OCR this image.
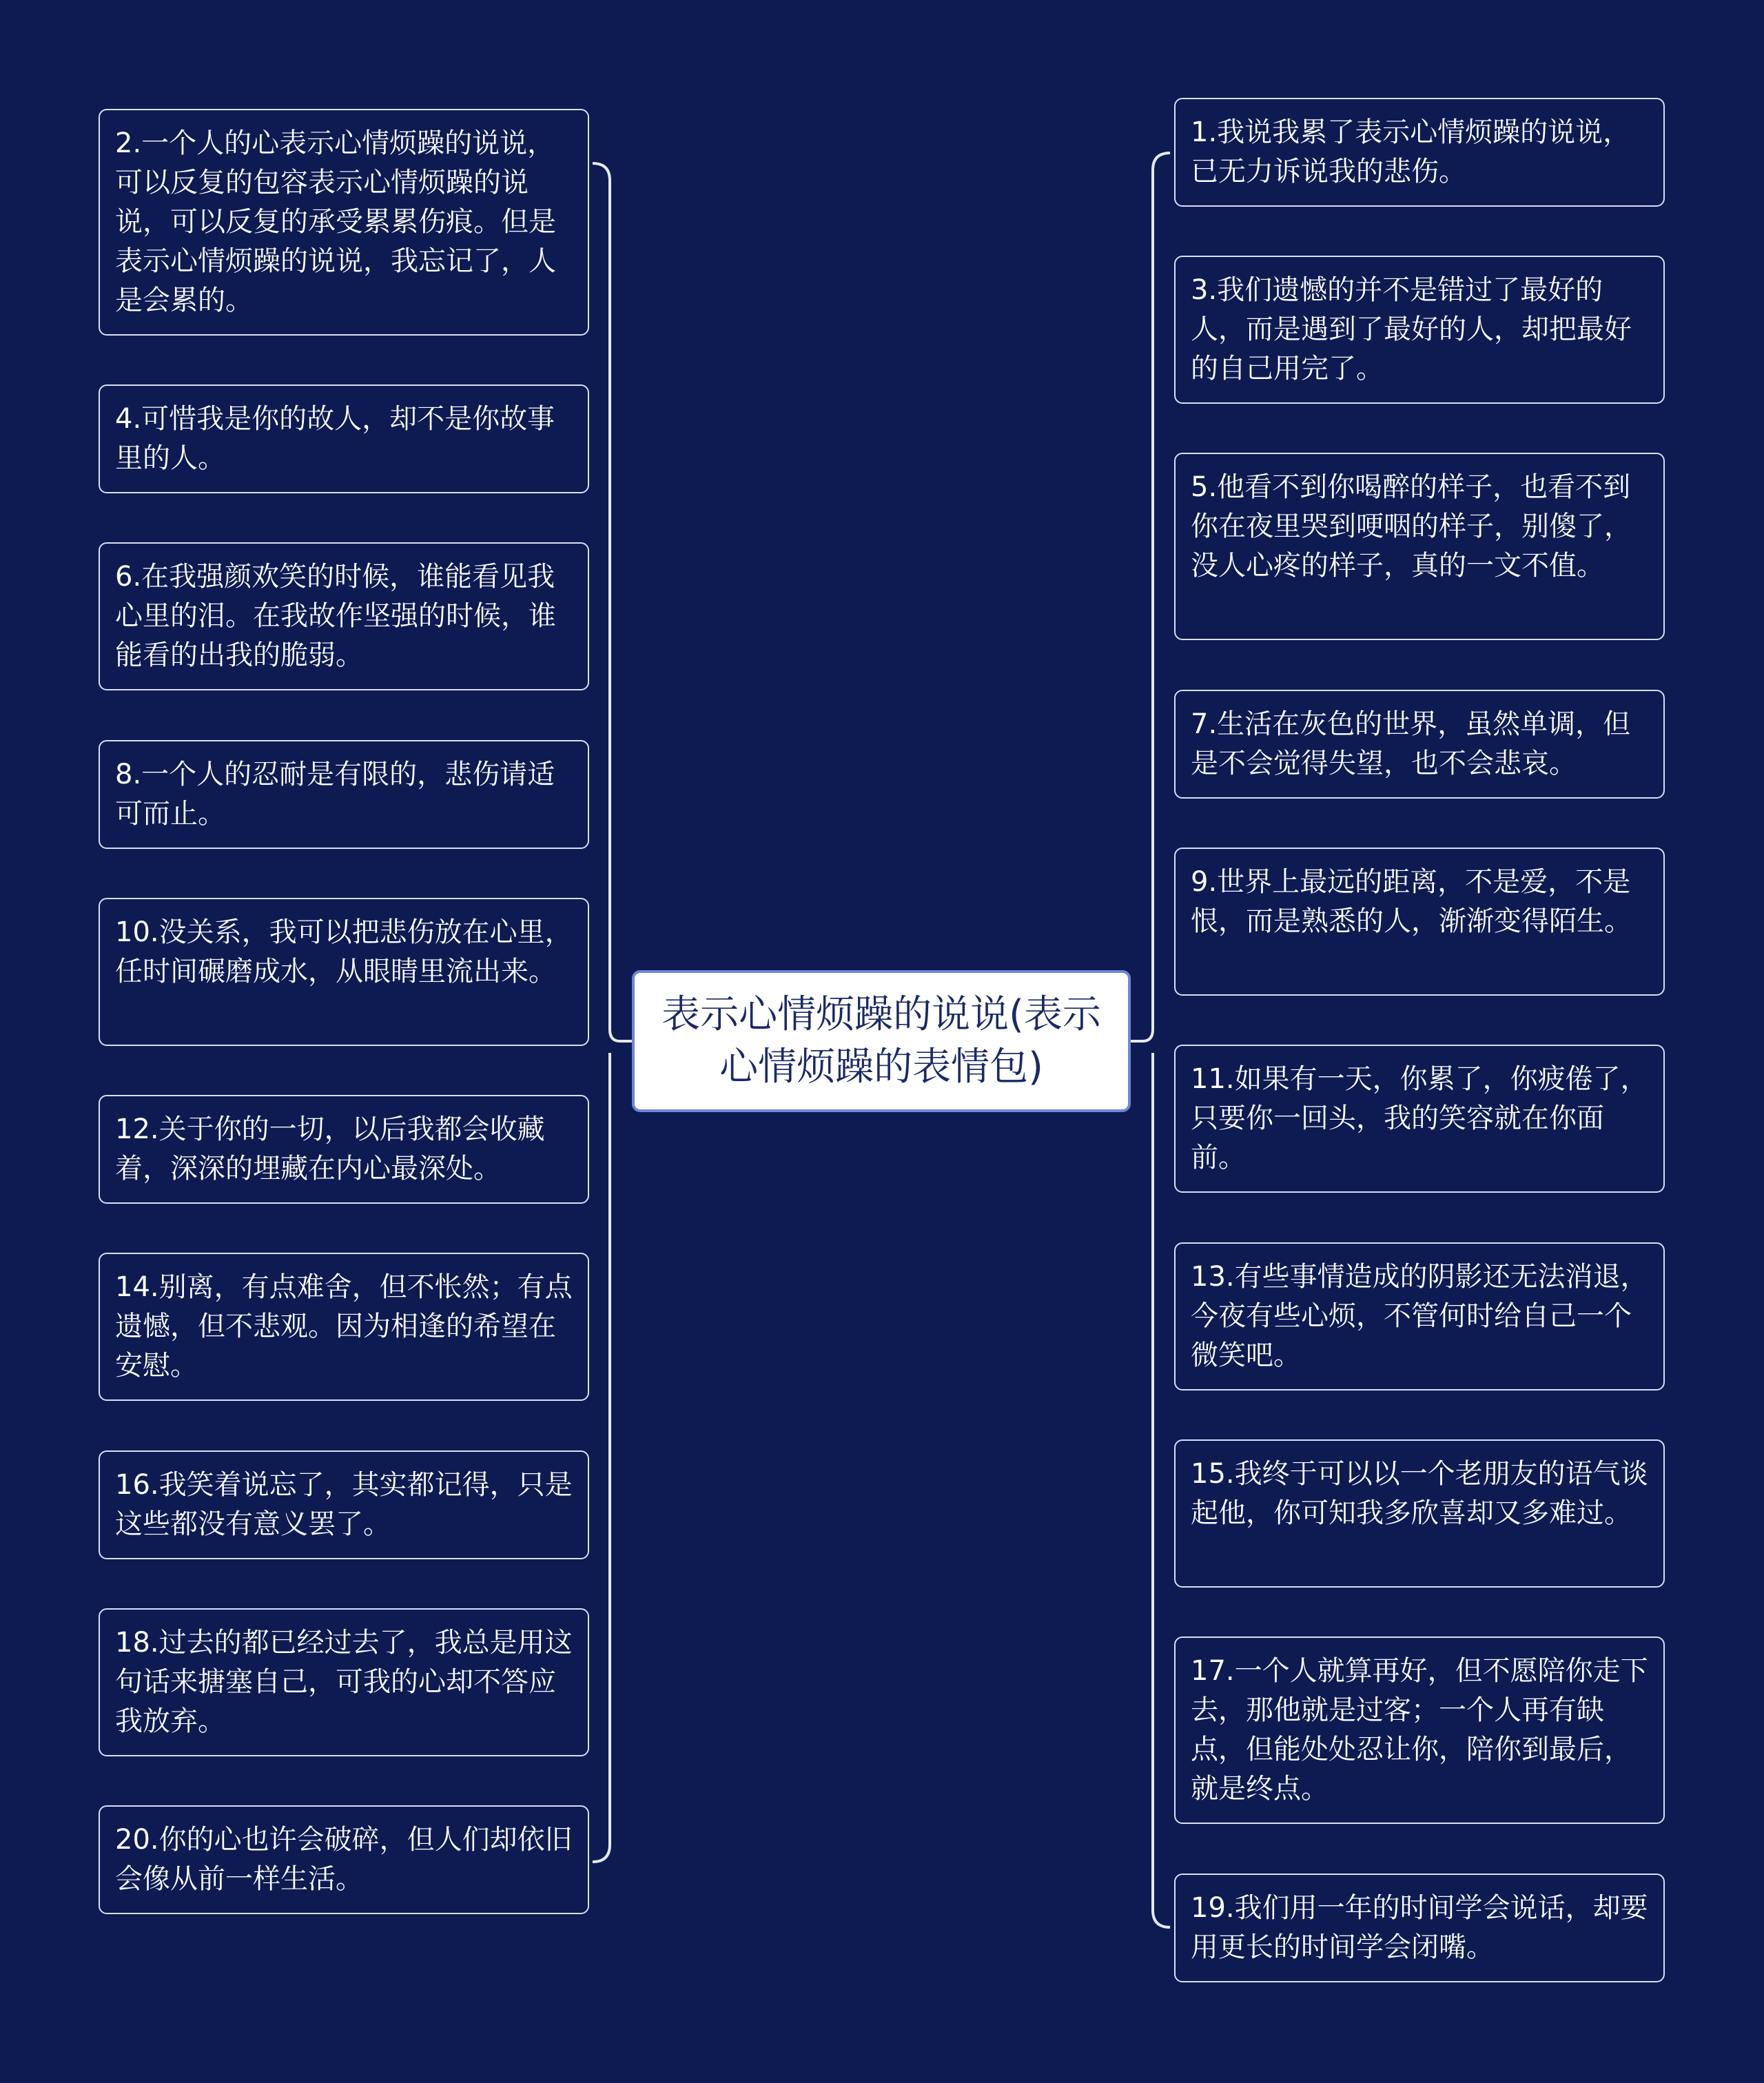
表示心情烦躁的说说(表示心情烦躁的表情包)
2.一个人的心表示心情烦躁的说说，可以反复的包容表示心情烦躁的说说，可以反复的承受累累伤痕。但是表示心情烦躁的说说，我忘记了，人是会累的。
4.可惜我是你的故人，却不是你故事里的人。
6.在我强颜欢笑的时候，谁能看见我心里的泪。在我故作坚强的时候，谁能看的出我的脆弱。
8.一个人的忍耐是有限的，悲伤请适可而止。
10.没关系，我可以把悲伤放在心里，任时间碾磨成水，从眼睛里流出来。
12.关于你的一切，以后我都会收藏着，深深的埋藏在内心最深处。
14.别离，有点难舍，但不怅然；有点遗憾，但不悲观。因为相逢的希望在安慰。
16.我笑着说忘了，其实都记得，只是这些都没有意义罢了。
18.过去的都已经过去了，我总是用这句话来搪塞自己，可我的心却不答应我放弃。
20.你的心也许会破碎，但人们却依旧会像从前一样生活。
1.我说我累了表示心情烦躁的说说，已无力诉说我的悲伤。
3.我们遗憾的并不是错过了最好的人，而是遇到了最好的人，却把最好的自己用完了。
5.他看不到你喝醉的样子，也看不到你在夜里哭到哽咽的样子，别傻了，没人心疼的样子，真的一文不值。
7.生活在灰色的世界，虽然单调，但是不会觉得失望，也不会悲哀。
9.世界上最远的距离，不是爱，不是恨，而是熟悉的人，渐渐变得陌生。
11.如果有一天，你累了，你疲倦了，只要你一回头，我的笑容就在你面前。
13.有些事情造成的阴影还无法消退，今夜有些心烦，不管何时给自己一个微笑吧。
15.我终于可以以一个老朋友的语气谈起他，你可知我多欣喜却又多难过。
17.一个人就算再好，但不愿陪你走下去，那他就是过客；一个人再有缺点，但能处处忍让你，陪你到最后，就是终点。
19.我们用一年的时间学会说话，却要用更长的时间学会闭嘴。
